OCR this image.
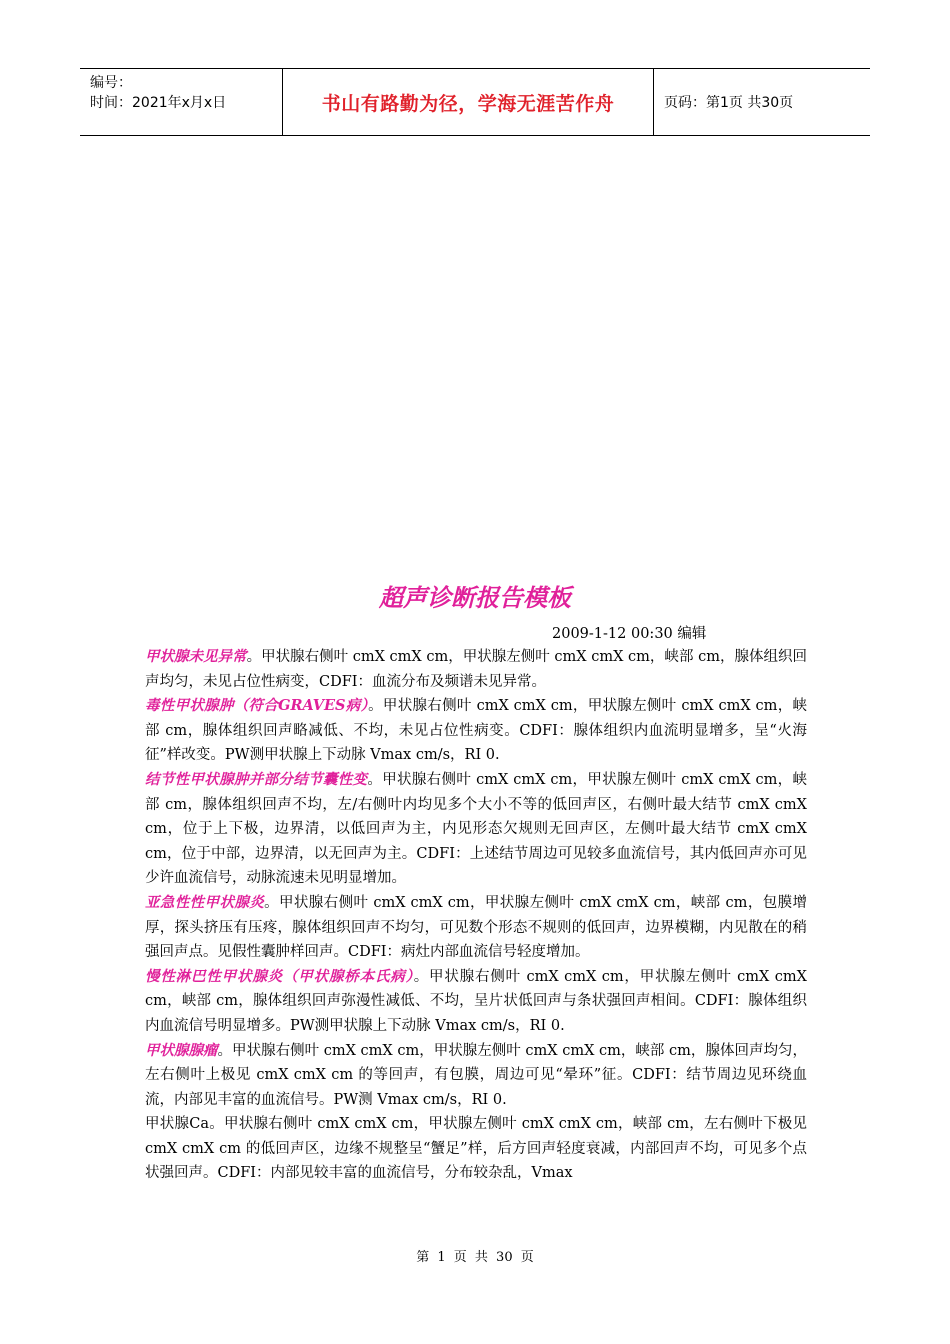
编号：
时间：2021年x月x日	书山有路勤为径，学海无涯苦作舟	页码：第1页 共30页
超声诊断报告模板
2009-1-12 00:30 编辑

甲状腺未见异常。甲状腺右侧叶 cmX cmX cm，甲状腺左侧叶 cmX cmX cm，峡部 cm，腺体组织回声均匀，未见占位性病变，CDFI：血流分布及频谱未见异常。

毒性甲状腺肿（符合GRAVES病）。甲状腺右侧叶 cmX cmX cm，甲状腺左侧叶 cmX cmX cm，峡部 cm，腺体组织回声略减低、不均，未见占位性病变。CDFI：腺体组织内血流明显增多，呈“火海征”样改变。PW测甲状腺上下动脉 Vmax cm/s，RI 0.

结节性甲状腺肿并部分结节囊性变。甲状腺右侧叶 cmX cmX cm，甲状腺左侧叶 cmX cmX cm，峡部 cm，腺体组织回声不均，左/右侧叶内均见多个大小不等的低回声区，右侧叶最大结节 cmX cmX cm，位于上下极，边界清，以低回声为主，内见形态欠规则无回声区，左侧叶最大结节 cmX cmX cm，位于中部，边界清，以无回声为主。CDFI：上述结节周边可见较多血流信号，其内低回声亦可见少许血流信号，动脉流速未见明显增加。

亚急性性甲状腺炎。甲状腺右侧叶 cmX cmX cm，甲状腺左侧叶 cmX cmX cm，峡部 cm，包膜增厚，探头挤压有压疼，腺体组织回声不均匀，可见数个形态不规则的低回声，边界模糊，内见散在的稍强回声点。见假性囊肿样回声。CDFI：病灶内部血流信号轻度增加。

慢性淋巴性甲状腺炎（甲状腺桥本氏病）。甲状腺右侧叶 cmX cmX cm，甲状腺左侧叶 cmX cmX cm，峡部 cm，腺体组织回声弥漫性减低、不均，呈片状低回声与条状强回声相间。CDFI：腺体组织内血流信号明显增多。PW测甲状腺上下动脉 Vmax cm/s，RI 0.

甲状腺腺瘤。甲状腺右侧叶 cmX cmX cm，甲状腺左侧叶 cmX cmX cm，峡部 cm，腺体回声均匀，左右侧叶上极见 cmX cmX cm 的等回声，有包膜，周边可见“晕环”征。CDFI：结节周边见环绕血流，内部见丰富的血流信号。PW测 Vmax cm/s，RI 0.

甲状腺Ca。甲状腺右侧叶 cmX cmX cm，甲状腺左侧叶 cmX cmX cm，峡部 cm，左右侧叶下极见 cmX cmX cm 的低回声区，边缘不规整呈“蟹足”样，后方回声轻度衰减，内部回声不均，可见多个点状强回声。CDFI：内部见较丰富的血流信号，分布较杂乱，Vmax

第 1 页 共 30 页
